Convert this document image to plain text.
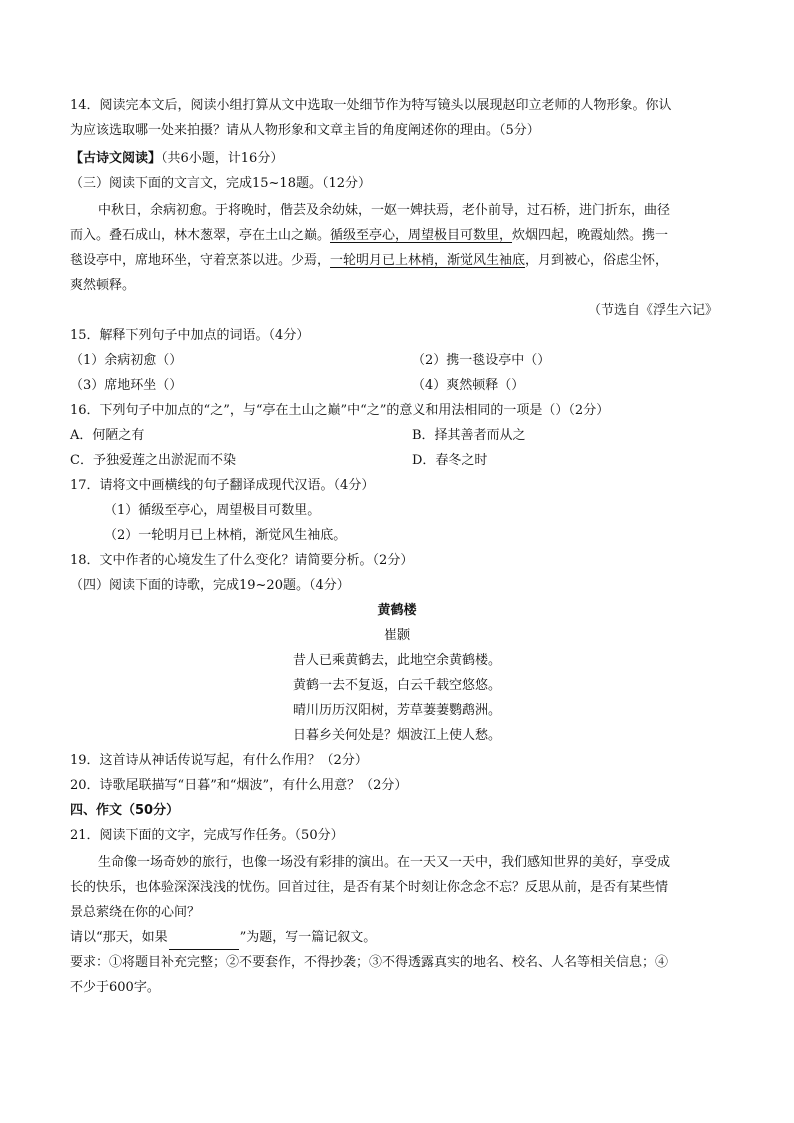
14．阅读完本文后，阅读小组打算从文中选取一处细节作为特写镜头以展现赵印立老师的人物形象。你认
为应该选取哪一处来拍摄？请从人物形象和文章主旨的角度阐述你的理由。（5分）
【古诗文阅读】（共6小题，计16分）
（三）阅读下面的文言文，完成15~18题。（12分）
中秋日，余病初愈。于将晚时，偕芸及余幼妹，一妪一婢扶焉，老仆前导，过石桥，进门折东，曲径
而入。叠石成山，林木葱翠，亭在土山之巅。循级至亭心，周望极目可数里，炊烟四起，晚霞灿然。携一
毯设亭中，席地环坐，守着烹茶以进。少焉，一轮明月已上林梢，渐觉风生袖底，月到被心，俗虑尘怀，
爽然顿释。
（节选自《浮生六记》
15．解释下列句子中加点的词语。（4分）
（1）余病初愈（）	（2）携一毯设亭中（）
（3）席地环坐（）	（4）爽然顿释（）
16．下列句子中加点的“之”，与“亭在土山之巅”中“之”的意义和用法相同的一项是（）（2分）
A．何陋之有	B．择其善者而从之
C．予独爱莲之出淤泥而不染	D．春冬之时
17．请将文中画横线的句子翻译成现代汉语。（4分）
（1）循级至亭心，周望极目可数里。
（2）一轮明月已上林梢，渐觉风生袖底。
18．文中作者的心境发生了什么变化？请简要分析。（2分）
（四）阅读下面的诗歌，完成19~20题。（4分）
黄鹤楼
崔颢
昔人已乘黄鹤去，此地空余黄鹤楼。
黄鹤一去不复返，白云千载空悠悠。
晴川历历汉阳树，芳草萋萋鹦鹉洲。
日暮乡关何处是？烟波江上使人愁。
19．这首诗从神话传说写起，有什么作用？（2分）
20．诗歌尾联描写“日暮”和“烟波”，有什么用意？（2分）
四、作文（50分）
21．阅读下面的文字，完成写作任务。（50分）
生命像一场奇妙的旅行，也像一场没有彩排的演出。在一天又一天中，我们感知世界的美好，享受成
长的快乐，也体验深深浅浅的忧伤。回首过往，是否有某个时刻让你念念不忘？反思从前，是否有某些情
景总萦绕在你的心间？
请以“那天，如果	”为题，写一篇记叙文。
要求：①将题目补充完整；②不要套作，不得抄袭；③不得透露真实的地名、校名、人名等相关信息；④
不少于600字。
